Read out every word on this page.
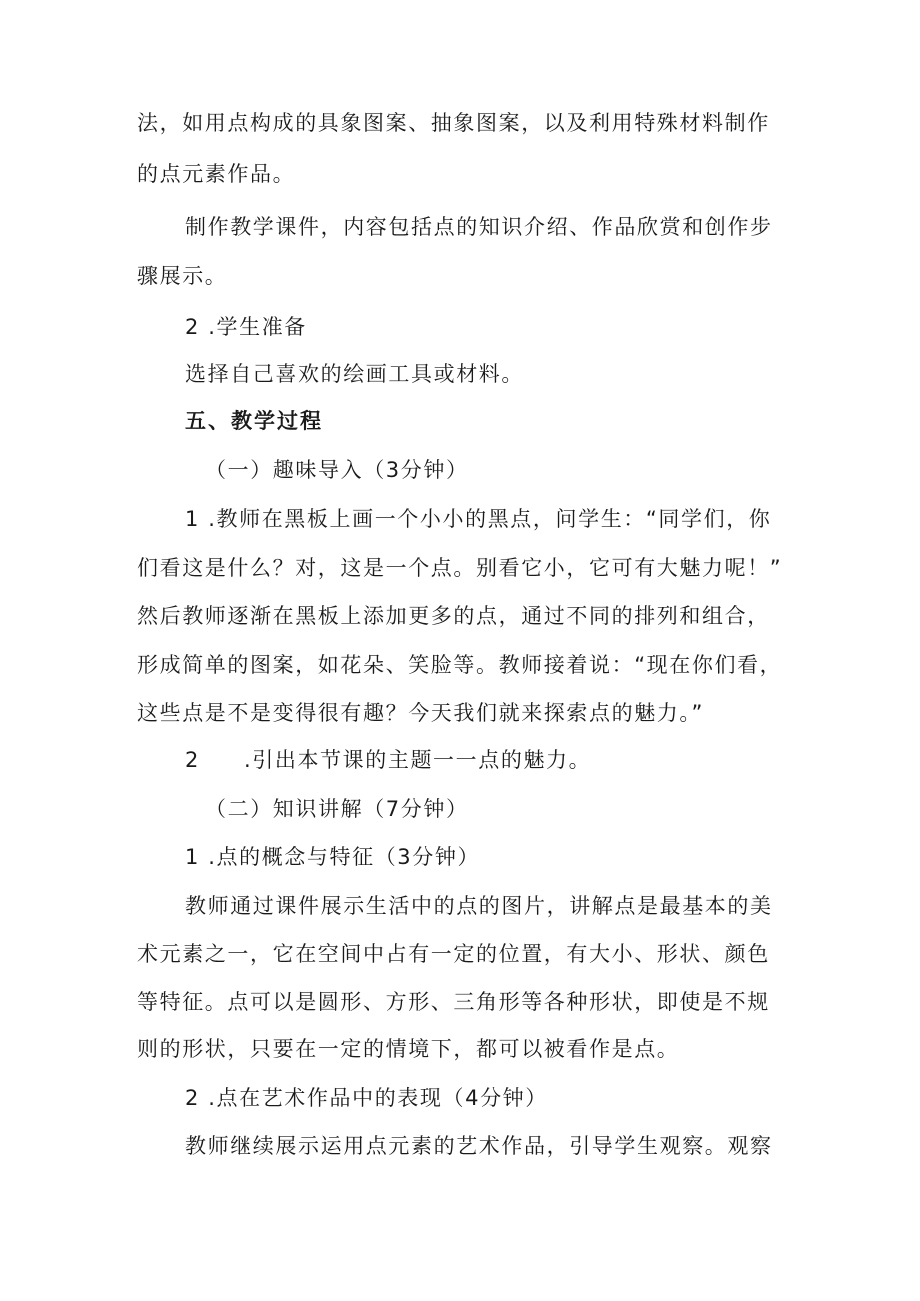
法，如用点构成的具象图案、抽象图案，以及利用特殊材料制作
的点元素作品。
制作教学课件，内容包括点的知识介绍、作品欣赏和创作步
骤展示。
2 .学生准备
选择自己喜欢的绘画工具或材料。
五、教学过程
（一）趣味导入（3分钟）
1 .教师在黑板上画一个小小的黑点，问学生：“同学们，你
们看这是什么？对，这是一个点。别看它小，它可有大魅力呢！”
然后教师逐渐在黑板上添加更多的点，通过不同的排列和组合，
形成简单的图案，如花朵、笑脸等。教师接着说：“现在你们看，
这些点是不是变得很有趣？今天我们就来探索点的魅力。”
2 .引出本节课的主题一一点的魅力。
（二）知识讲解（7分钟）
1 .点的概念与特征（3分钟）
教师通过课件展示生活中的点的图片，讲解点是最基本的美
术元素之一，它在空间中占有一定的位置，有大小、形状、颜色
等特征。点可以是圆形、方形、三角形等各种形状，即使是不规
则的形状，只要在一定的情境下，都可以被看作是点。
2 .点在艺术作品中的表现（4分钟）
教师继续展示运用点元素的艺术作品，引导学生观察。观察
